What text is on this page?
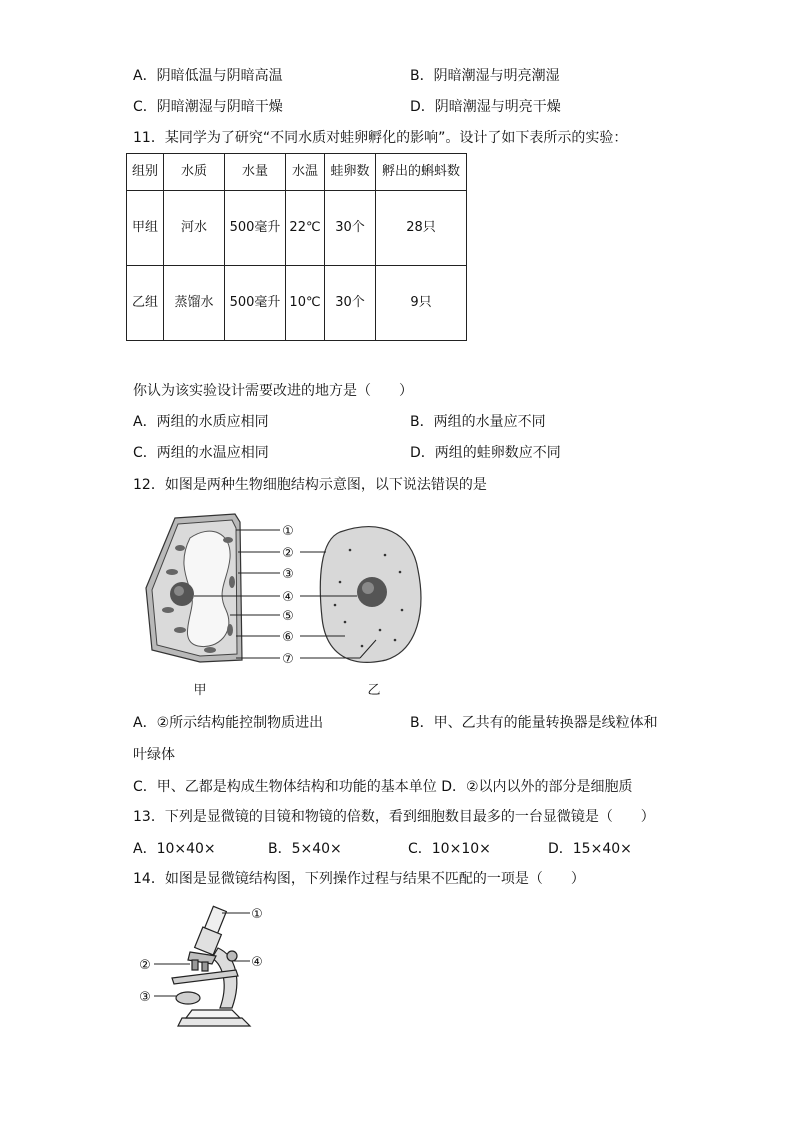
A．阴暗低温与阴暗高温	B．阴暗潮湿与明亮潮湿
C．阴暗潮湿与阴暗干燥	D．阴暗潮湿与明亮干燥
11．某同学为了研究“不同水质对蛙卵孵化的影响”。设计了如下表所示的实验：
组别	水质	水量	水温	蛙卵数	孵出的蝌蚪数
甲组	河水	500毫升	22℃	30个	28只
乙组	蒸馏水	500毫升	10℃	30个	9只
你认为该实验设计需要改进的地方是（　　）
A．两组的水质应相同	B．两组的水量应不同
C．两组的水温应相同	D．两组的蛙卵数应不同
12．如图是两种生物细胞结构示意图，以下说法错误的是
①
②
③
④
⑤
⑥
⑦
甲	乙
A．②所示结构能控制物质进出	B．甲、乙共有的能量转换器是线粒体和
叶绿体
C．甲、乙都是构成生物体结构和功能的基本单位 D．②以内以外的部分是细胞质
13．下列是显微镜的目镜和物镜的倍数，看到细胞数目最多的一台显微镜是（　　）
A．10×40×	B．5×40×	C．10×10×	D．15×40×
14．如图是显微镜结构图，下列操作过程与结果不匹配的一项是（　　）
①
②
③
④
